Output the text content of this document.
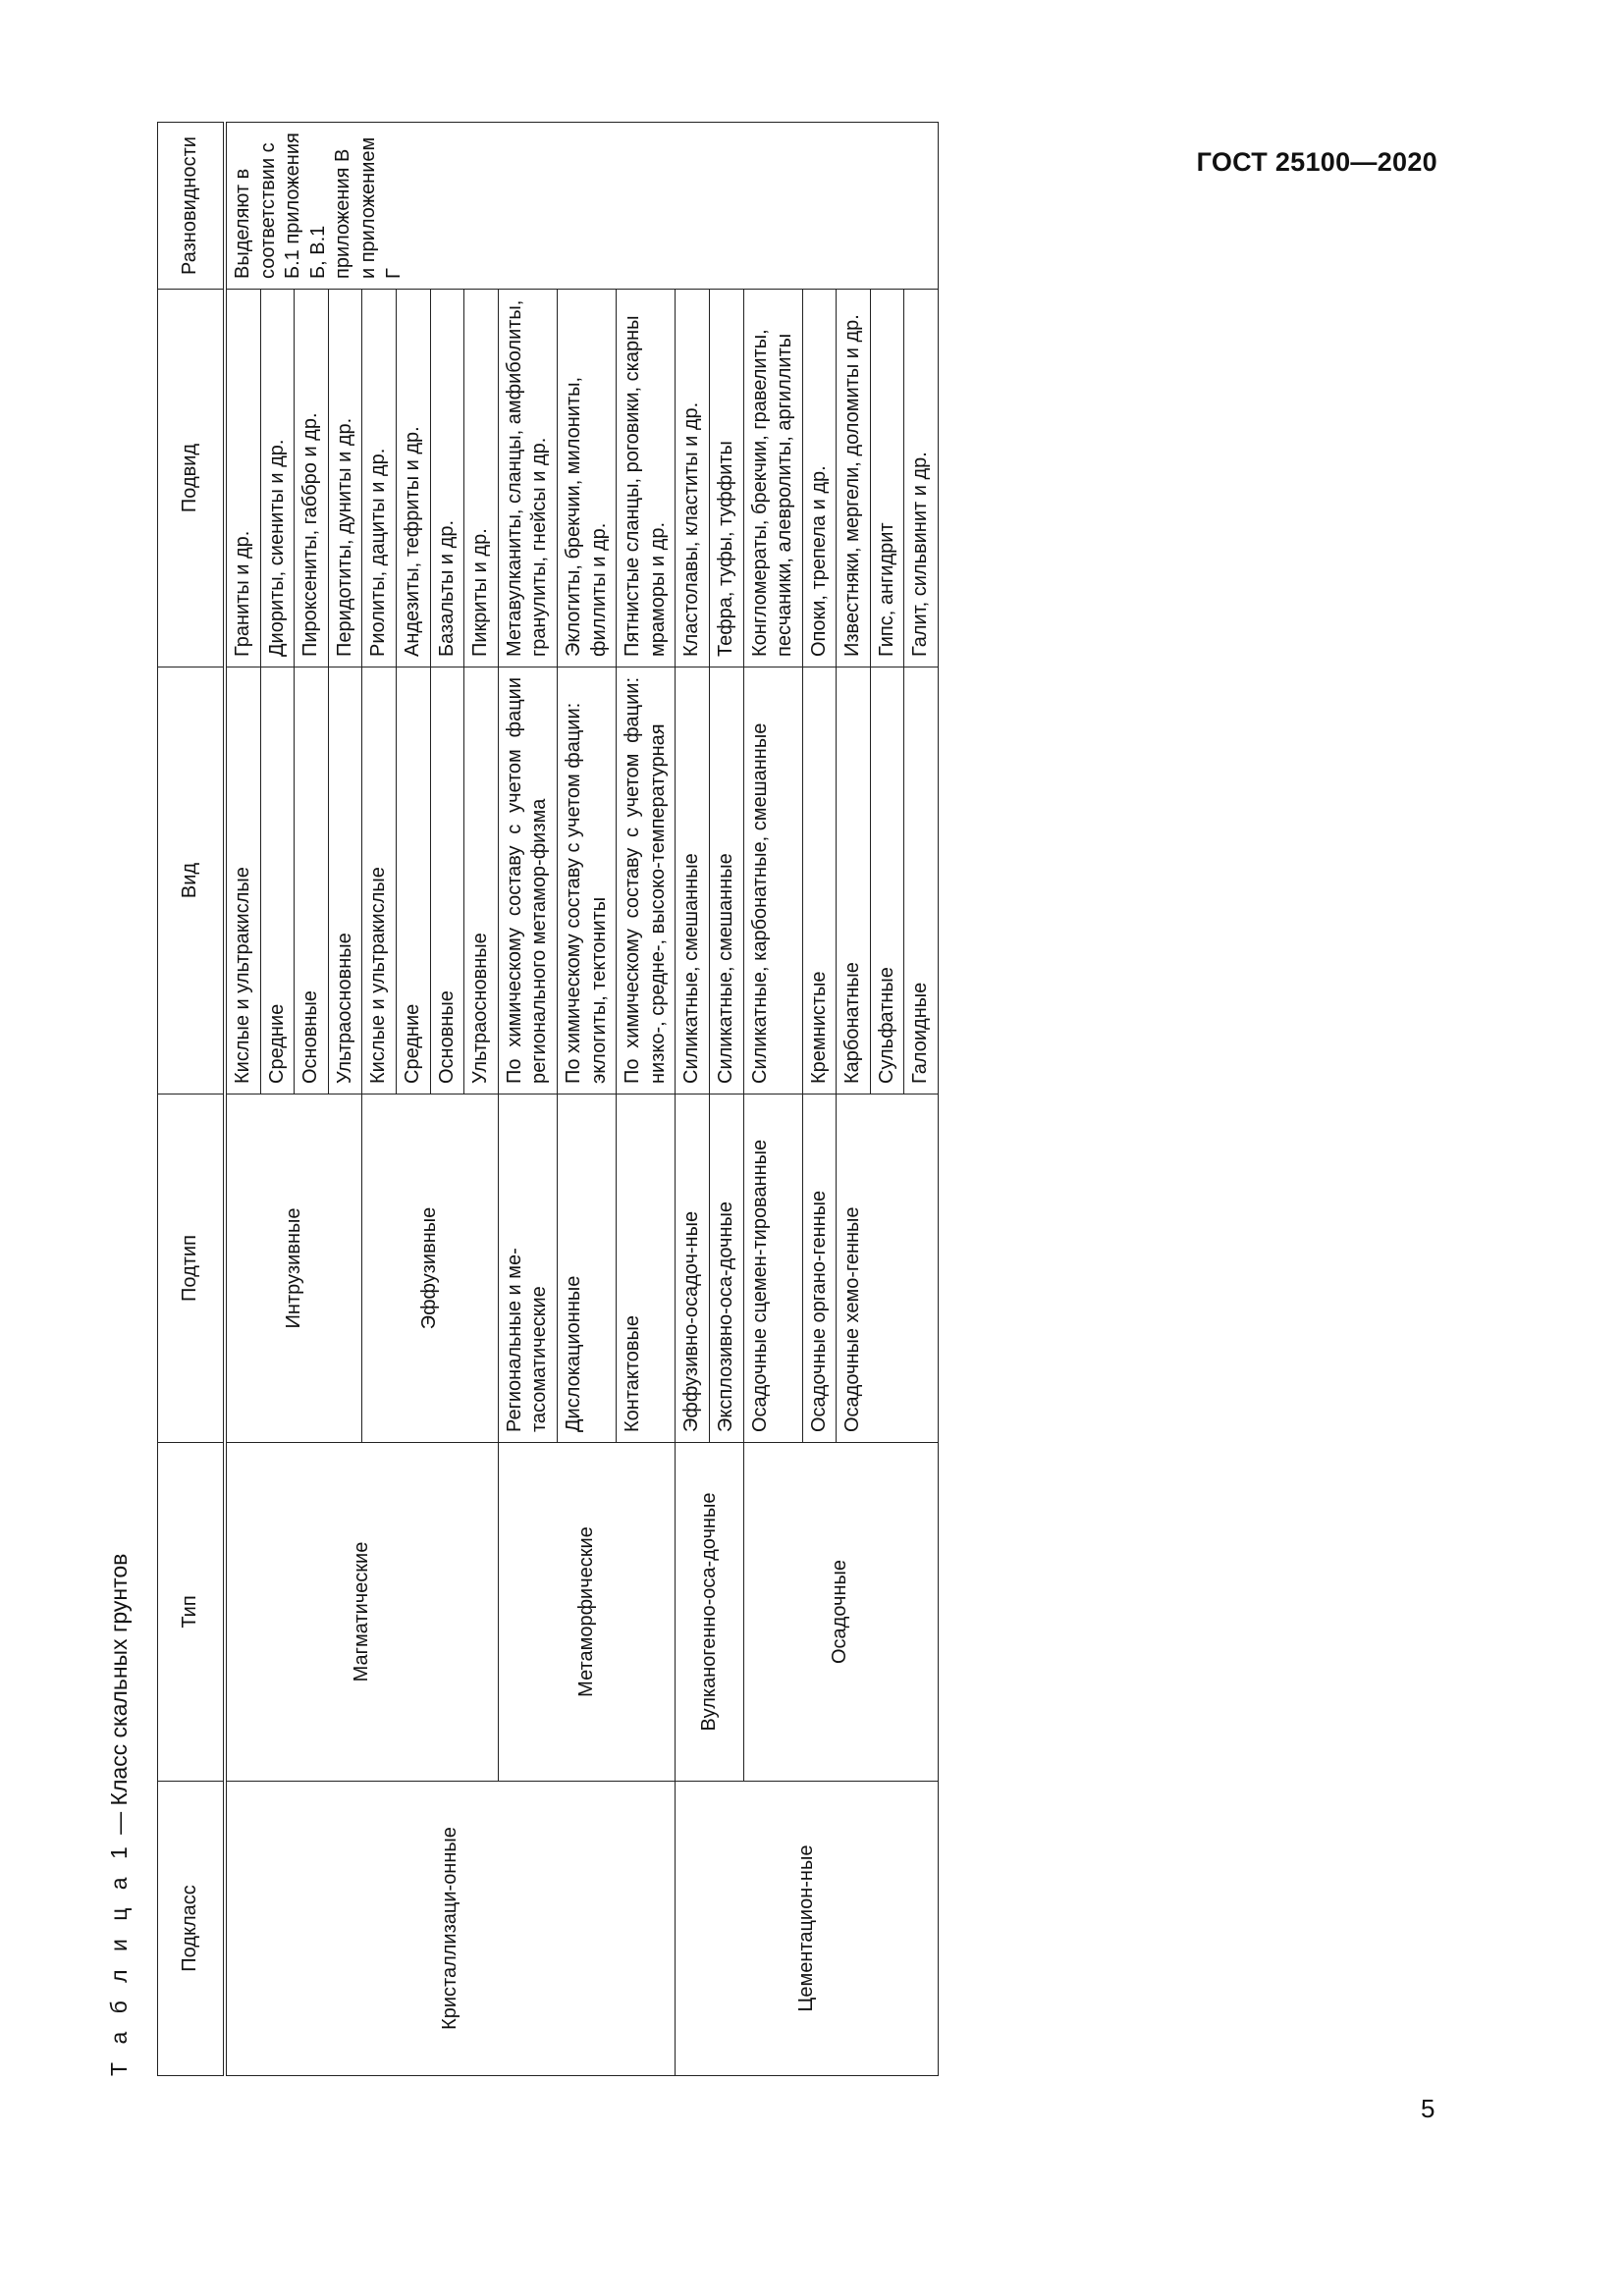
ГОСТ 25100—2020
Т а б л и ц а 1 — Класс скальных грунтов
Подкласс	Тип	Подтип	Вид	Подвид	Разновидности
Кристаллизаци-онные	Магматические	Интрузивные	Кислые и ультракислые	Граниты и др.	Выделяют в соответствии с Б.1 приложения Б, В.1 приложения В и приложением Г
			Средние	Диориты, сиениты и др.	
			Основные	Пироксениты, габбро и др.	
			Ультраосновные	Перидотиты, дуниты и др.	
		Эффузивные	Кислые и ультракислые	Риолиты, дациты и др.	
			Средние	Андезиты, тефриты и др.	
			Основные	Базальты и др.	
			Ультраосновные	Пикриты и др.	
	Метаморфические	Региональные и ме-тасоматические	По химическому составу с учетом фации регионального метамор-физма	Метавулканиты, сланцы, амфиболиты, гранулиты, гнейсы и др.	
		Дислокационные	По химическому составу с учетом фации: эклогиты, тектониты	Эклогиты, брекчии, милониты, филлиты и др.	
		Контактовые	По химическому составу с учетом фации: низко-, средне-, высоко-температурная	Пятнистые сланцы, роговики, скарны мраморы и др.	
Цементацион-ные	Вулканогенно-оса-дочные	Эффузивно-осадоч-ные	Силикатные, смешанные	Кластолавы, кластиты и др.	
		Эксплозивно-оса-дочные	Силикатные, смешанные	Тефра, туфы, туффиты	
	Осадочные	Осадочные сцемен-тированные	Силикатные, карбонатные, смешанные	Конгломераты, брекчии, гравелиты, песчаники, алевролиты, аргиллиты	
		Осадочные органо-генные	Кремнистые	Опоки, трепела и др.	
		Осадочные хемо-генные	Карбонатные	Известняки, мергели, доломиты и др.	
			Сульфатные	Гипс, ангидрит	
			Галоидные	Галит, сильвинит и др.	
5
